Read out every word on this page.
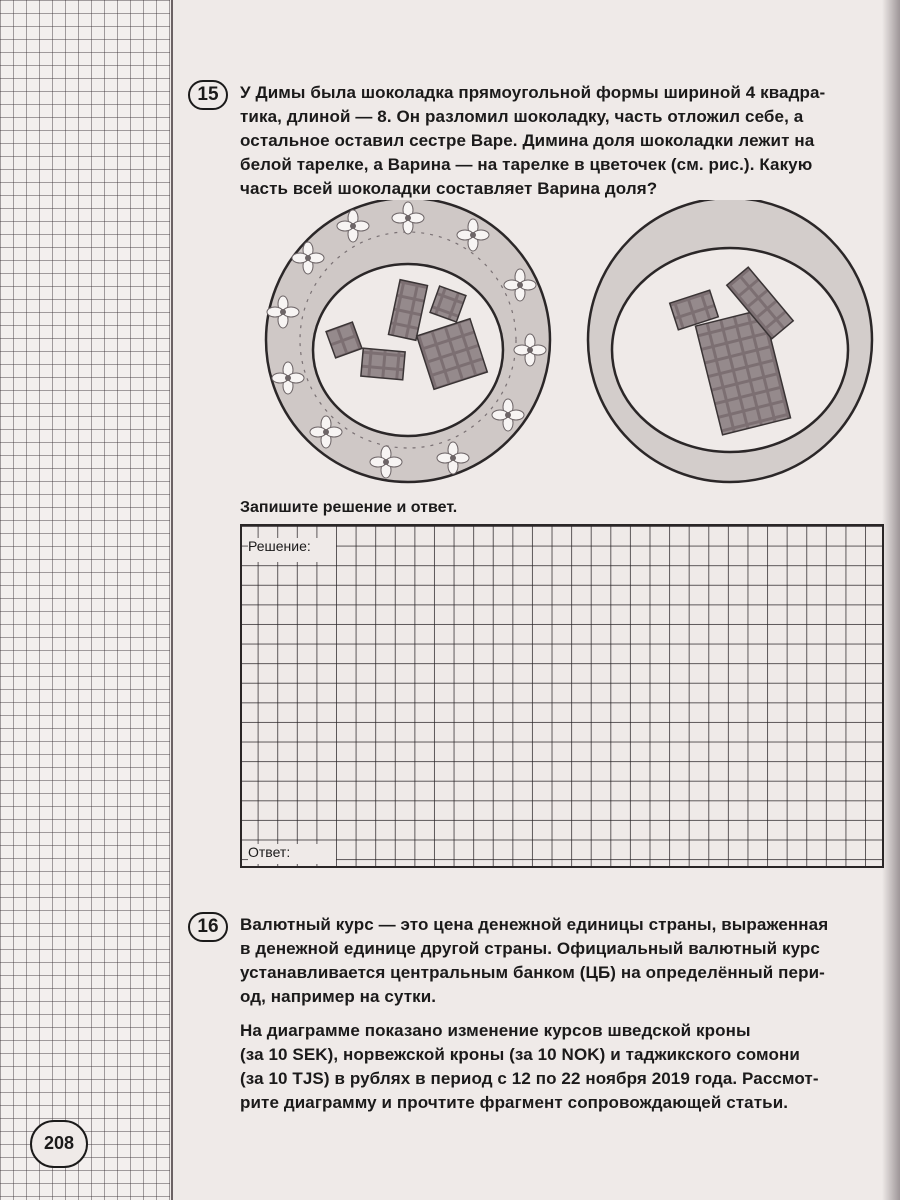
15	У Димы была шоколадка прямоугольной формы шириной 4 квадра-
тика, длиной — 8. Он разломил шоколадку, часть отложил себе, а
остальное оставил сестре Варе. Димина доля шоколадки лежит на
белой тарелке, а Варина — на тарелке в цветочек (см. рис.). Какую
часть всей шоколадки составляет Варина доля?
Запишите решение и ответ.
Решение:
Ответ:
16	Валютный курс — это цена денежной единицы страны, выраженная
в денежной единице другой страны. Официальный валютный курс
устанавливается центральным банком (ЦБ) на определённый пери-
од, например на сутки.
На диаграмме показано изменение курсов шведской кроны
(за 10 SEK), норвежской кроны (за 10 NOK) и таджикского сомони
(за 10 TJS) в рублях в период с 12 по 22 ноября 2019 года. Рассмот-
рите диаграмму и прочтите фрагмент сопровождающей статьи.
208
